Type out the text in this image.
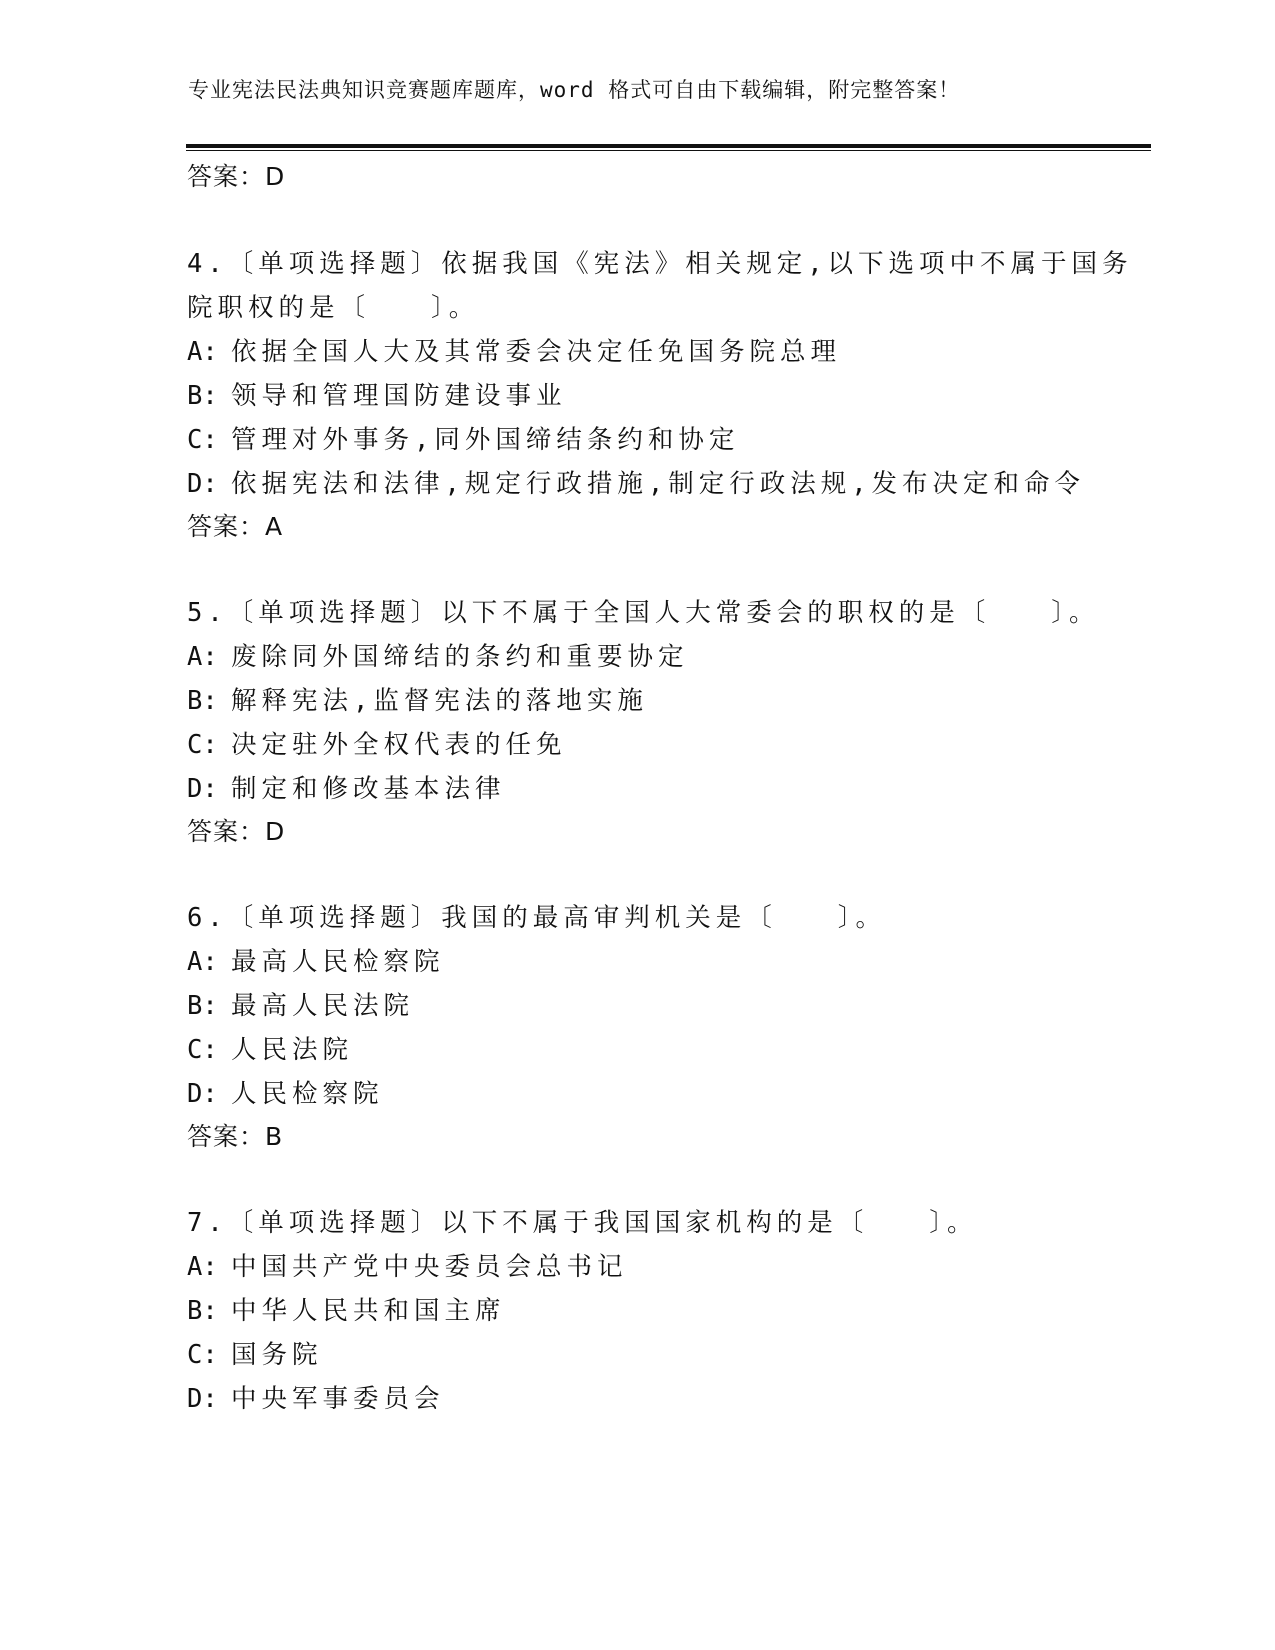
专业宪法民法典知识竞赛题库题库，word 格式可自由下载编辑，附完整答案！
答案：D
4.〔单项选择题〕依据我国《宪法》相关规定,以下选项中不属于国务
院职权的是〔　　〕。
A: 依据全国人大及其常委会决定任免国务院总理
B: 领导和管理国防建设事业
C: 管理对外事务,同外国缔结条约和协定
D: 依据宪法和法律,规定行政措施,制定行政法规,发布决定和命令
答案：A
5.〔单项选择题〕以下不属于全国人大常委会的职权的是〔　　〕。
A: 废除同外国缔结的条约和重要协定
B: 解释宪法,监督宪法的落地实施
C: 决定驻外全权代表的任免
D: 制定和修改基本法律
答案：D
6.〔单项选择题〕我国的最高审判机关是〔　　〕。
A: 最高人民检察院
B: 最高人民法院
C: 人民法院
D: 人民检察院
答案：B
7.〔单项选择题〕以下不属于我国国家机构的是〔　　〕。
A: 中国共产党中央委员会总书记
B: 中华人民共和国主席
C: 国务院
D: 中央军事委员会
